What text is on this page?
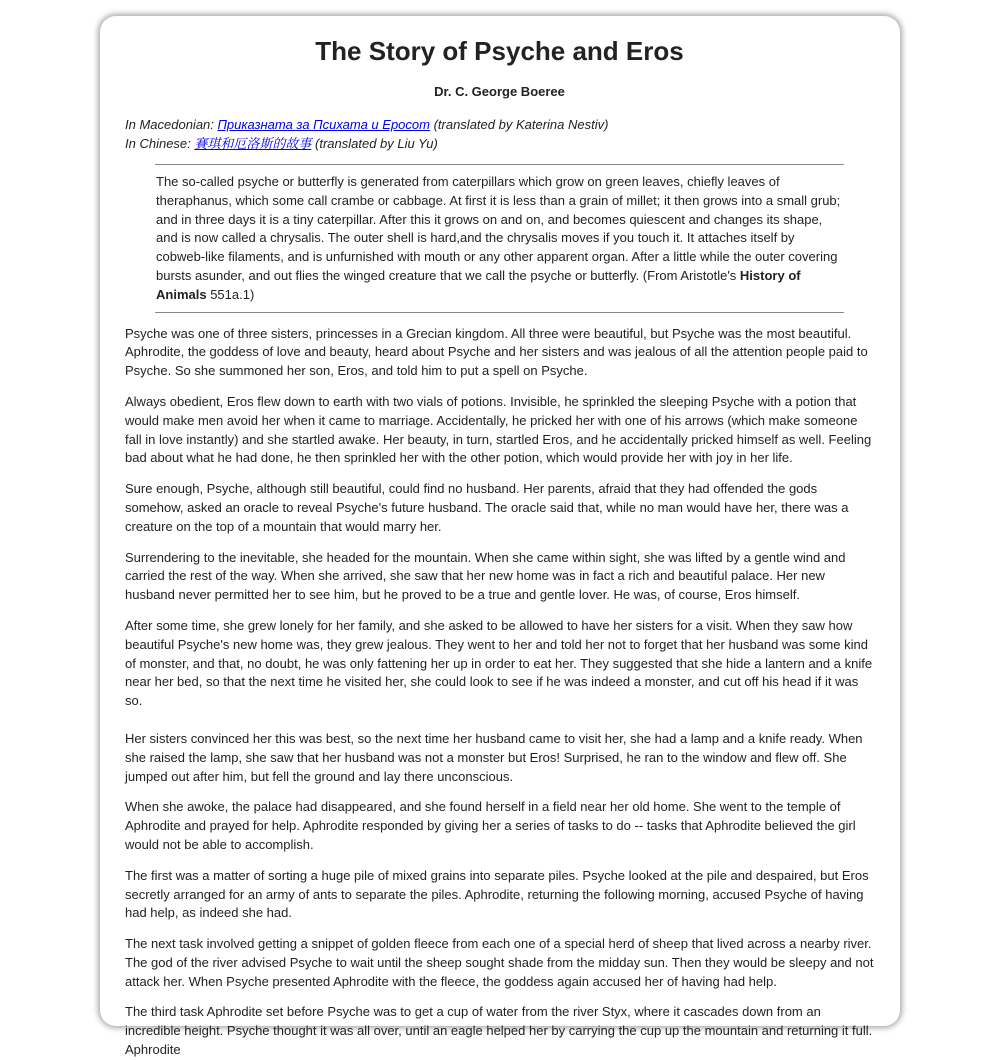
The Story of Psyche and Eros
Dr. C. George Boeree
In Macedonian: Приказната за Психата и Еросот (translated by Katerina Nestiv)
In Chinese: 賽琪和厄洛斯的故事 (translated by Liu Yu)
The so-called psyche or butterfly is generated from caterpillars which grow on green leaves, chiefly leaves of theraphanus, which some call crambe or cabbage. At first it is less than a grain of millet; it then grows into a small grub; and in three days it is a tiny caterpillar. After this it grows on and on, and becomes quiescent and changes its shape, and is now called a chrysalis. The outer shell is hard,and the chrysalis moves if you touch it. It attaches itself by cobweb-like filaments, and is unfurnished with mouth or any other apparent organ. After a little while the outer covering bursts asunder, and out flies the winged creature that we call the psyche or butterfly. (From Aristotle's History of Animals 551a.1)

Psyche was one of three sisters, princesses in a Grecian kingdom. All three were beautiful, but Psyche was the most beautiful. Aphrodite, the goddess of love and beauty, heard about Psyche and her sisters and was jealous of all the attention people paid to Psyche. So she summoned her son, Eros, and told him to put a spell on Psyche.

Always obedient, Eros flew down to earth with two vials of potions. Invisible, he sprinkled the sleeping Psyche with a potion that would make men avoid her when it came to marriage. Accidentally, he pricked her with one of his arrows (which make someone fall in love instantly) and she startled awake. Her beauty, in turn, startled Eros, and he accidentally pricked himself as well. Feeling bad about what he had done, he then sprinkled her with the other potion, which would provide her with joy in her life.

Sure enough, Psyche, although still beautiful, could find no husband. Her parents, afraid that they had offended the gods somehow, asked an oracle to reveal Psyche's future husband. The oracle said that, while no man would have her, there was a creature on the top of a mountain that would marry her.

Surrendering to the inevitable, she headed for the mountain. When she came within sight, she was lifted by a gentle wind and carried the rest of the way. When she arrived, she saw that her new home was in fact a rich and beautiful palace. Her new husband never permitted her to see him, but he proved to be a true and gentle lover. He was, of course, Eros himself.

After some time, she grew lonely for her family, and she asked to be allowed to have her sisters for a visit. When they saw how beautiful Psyche's new home was, they grew jealous. They went to her and told her not to forget that her husband was some kind of monster, and that, no doubt, he was only fattening her up in order to eat her. They suggested that she hide a lantern and a knife near her bed, so that the next time he visited her, she could look to see if he was indeed a monster, and cut off his head if it was so.

Her sisters convinced her this was best, so the next time her husband came to visit her, she had a lamp and a knife ready. When she raised the lamp, she saw that her husband was not a monster but Eros! Surprised, he ran to the window and flew off. She jumped out after him, but fell the ground and lay there unconscious.

When she awoke, the palace had disappeared, and she found herself in a field near her old home. She went to the temple of Aphrodite and prayed for help. Aphrodite responded by giving her a series of tasks to do -- tasks that Aphrodite believed the girl would not be able to accomplish.

The first was a matter of sorting a huge pile of mixed grains into separate piles. Psyche looked at the pile and despaired, but Eros secretly arranged for an army of ants to separate the piles. Aphrodite, returning the following morning, accused Psyche of having had help, as indeed she had.

The next task involved getting a snippet of golden fleece from each one of a special herd of sheep that lived across a nearby river. The god of the river advised Psyche to wait until the sheep sought shade from the midday sun. Then they would be sleepy and not attack her. When Psyche presented Aphrodite with the fleece, the goddess again accused her of having had help.

The third task Aphrodite set before Psyche was to get a cup of water from the river Styx, where it cascades down from an incredible height. Psyche thought it was all over, until an eagle helped her by carrying the cup up the mountain and returning it full. Aphrodite
